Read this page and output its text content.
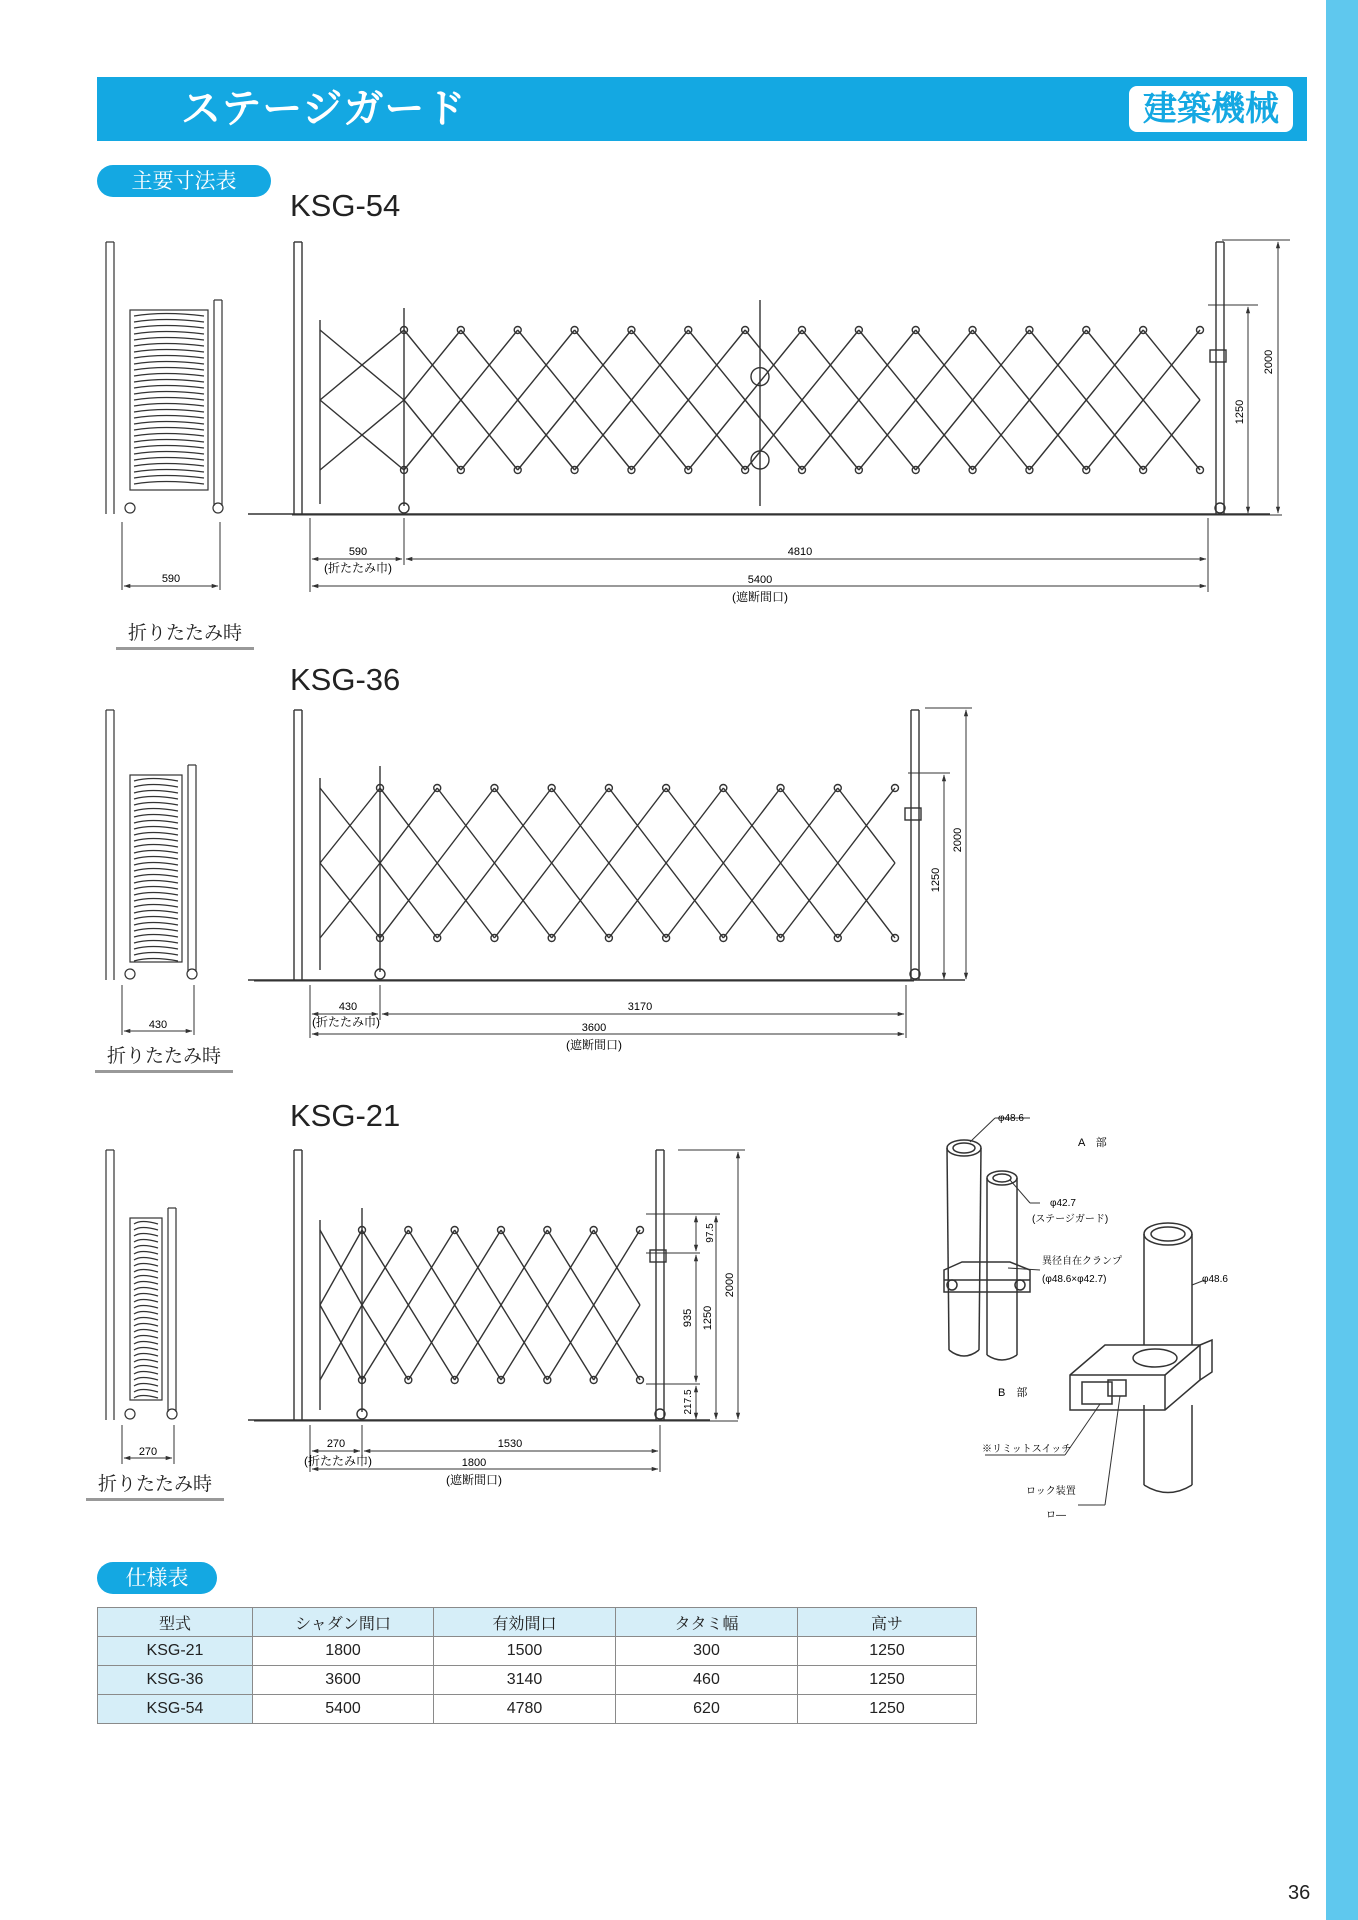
ステージガード	建築機械
主要寸法表
KSG-54
KSG-36
KSG-21
折りたたみ時
折りたたみ時
折りたたみ時
590
(折たたみ巾)
4810
5400
(遮断間口)
590
2000
1250
430
(折たたみ巾)
3170
3600
(遮断間口)
430
2000
1250
270
(折たたみ巾)
1530
1800
(遮断間口)
270
2000
1250
935
97.5
217.5
φ48.6
A　部
φ42.7
(ステージガード)
異径自在クランプ
(φ48.6×φ42.7)	φ48.6
B　部
※リミットスイッチ
ロック装置
ロ―
仕様表
型式	シャダン間口	有効間口	タタミ幅	高サ
KSG-21	1800	1500	300	1250
KSG-36	3600	3140	460	1250
KSG-54	5400	4780	620	1250
36
